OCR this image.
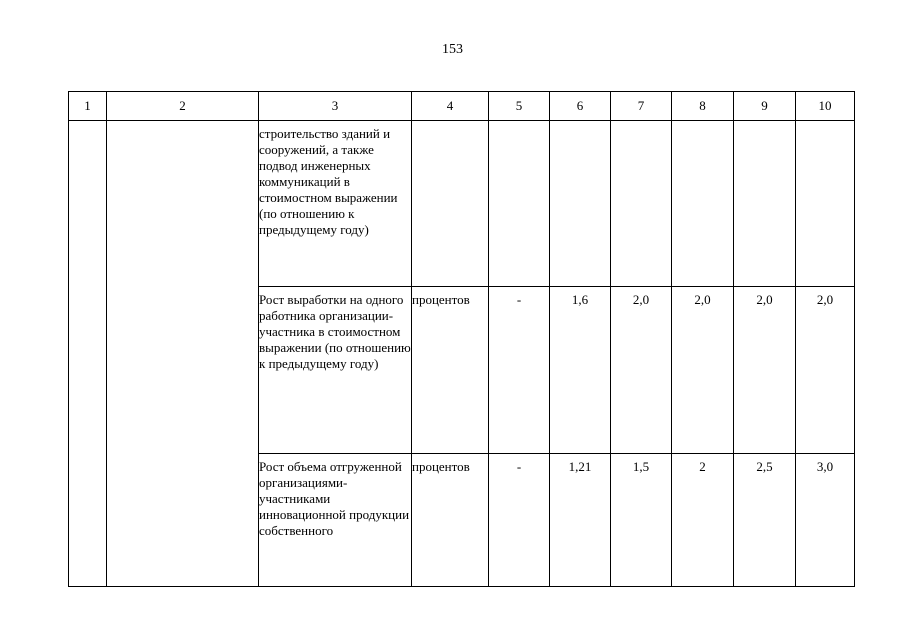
153
1	2	3	4	5	6	7	8	9	10
		строительство зданий и сооружений, а также подвод инженерных коммуникаций в стоимостном выражении (по отношению к предыдущему году)							
		Рост выработки на одного работника организации-участника в стоимостном выражении (по отношению к предыдущему году)	процентов	-	1,6	2,0	2,0	2,0	2,0
		Рост объема отгруженной организациями-участниками инновационной продукции собственного	процентов	-	1,21	1,5	2	2,5	3,0
